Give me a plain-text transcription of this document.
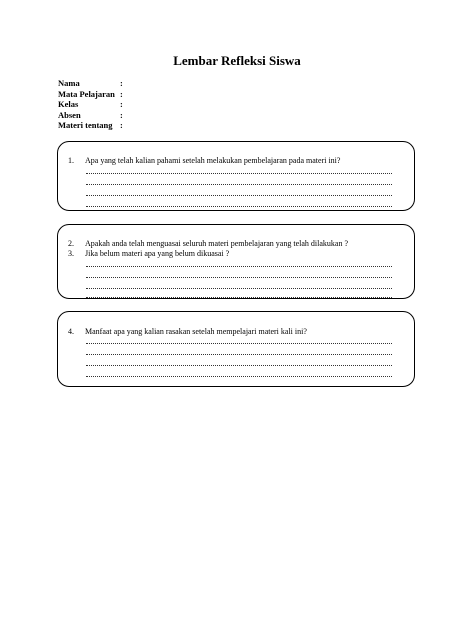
Lembar Refleksi Siswa
Nama	:
Mata Pelajaran :
Kelas	:
Absen	:
Materi tentang :
1.	Apa yang telah kalian pahami setelah melakukan pembelajaran pada materi ini?
2.	Apakah anda telah menguasai seluruh materi pembelajaran yang telah dilakukan ?
3.	Jika belum materi apa yang belum dikuasai ?
4.	Manfaat apa yang kalian rasakan setelah mempelajari materi kali ini?
